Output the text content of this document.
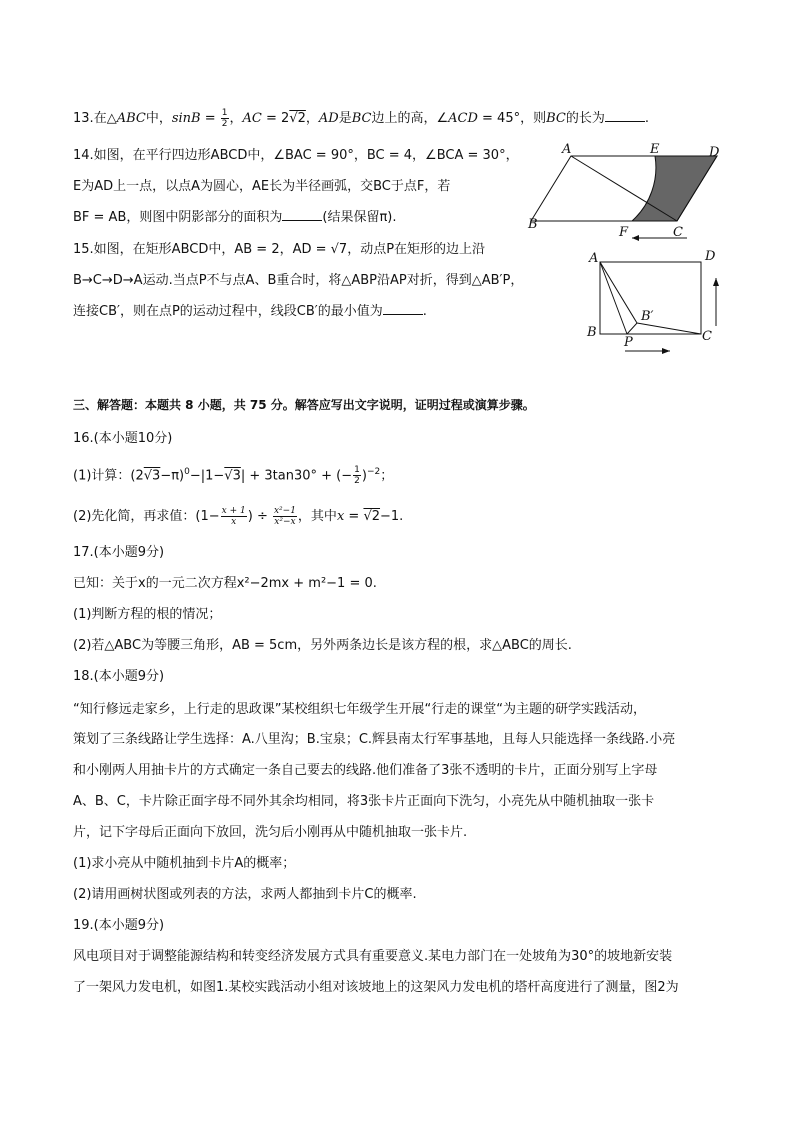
13.在△ABC中，$\sin B = \frac{1}{2}$ ，AC = 2√2，AD是BC边上的高，∠ACD = 45°，则BC的长为	.
14.如图，在平行四边形ABCD中，∠BAC = 90°，BC = 4，∠BCA = 30°，
E为AD上一点，以点A为圆心，AE长为半径画弧，交BC于点F，若
BF = AB，则图中阴影部分的面积为	(结果保留π).
15.如图，在矩形ABCD中，AB = 2，AD = √7，动点P在矩形的边上沿
B→C→D→A运动.当点P不与点A、B重合时，将△ABP沿AP对折，得到△AB′P，
连接CB′，则在点P的运动过程中，线段CB′的最小值为	.
A	E	D
B
F	C
A	D
B′
B
P	C
三、解答题：本题共 8 小题，共 75 分。解答应写出文字说明，证明过程或演算步骤。
16.(本小题10分)
(1)计算：$(2√3-\pi)^0-|1-√3| + 3\tan 30^\circ$ + (− $\frac{1}{2} )^{-2}$；
(2)先化简，再求值：($1- \frac{x + 1}{x}$ ) ÷ $\frac{\text{x²−1}}{\text{x²−x}}$ ，其中x = √2−1.
17.(本小题9分)
已知：关于x的一元二次方程x²−2mx + m²−1 = 0.
(1)判断方程的根的情况；
(2)若△ABC为等腰三角形，AB = 5cm，另外两条边长是该方程的根，求△ABC的周长.
18.(本小题9分)
“知行修远走家乡，上行走的思政课”某校组织七年级学生开展“行走的课堂“为主题的研学实践活动，
策划了三条线路让学生选择：A.八里沟；B.宝泉；C.辉县南太行军事基地，且每人只能选择一条线路.小亮
和小刚两人用抽卡片的方式确定一条自己要去的线路.他们准备了3张不透明的卡片，正面分别写上字母
A、B、C，卡片除正面字母不同外其余均相同，将3张卡片正面向下洗匀，小亮先从中随机抽取一张卡
片，记下字母后正面向下放回，洗匀后小刚再从中随机抽取一张卡片.
(1)求小亮从中随机抽到卡片A的概率；
(2)请用画树状图或列表的方法，求两人都抽到卡片C的概率.
19.(本小题9分)
风电项目对于调整能源结构和转变经济发展方式具有重要意义.某电力部门在一处坡角为30°的坡地新安装
了一架风力发电机，如图1.某校实践活动小组对该坡地上的这架风力发电机的塔杆高度进行了测量，图2为
